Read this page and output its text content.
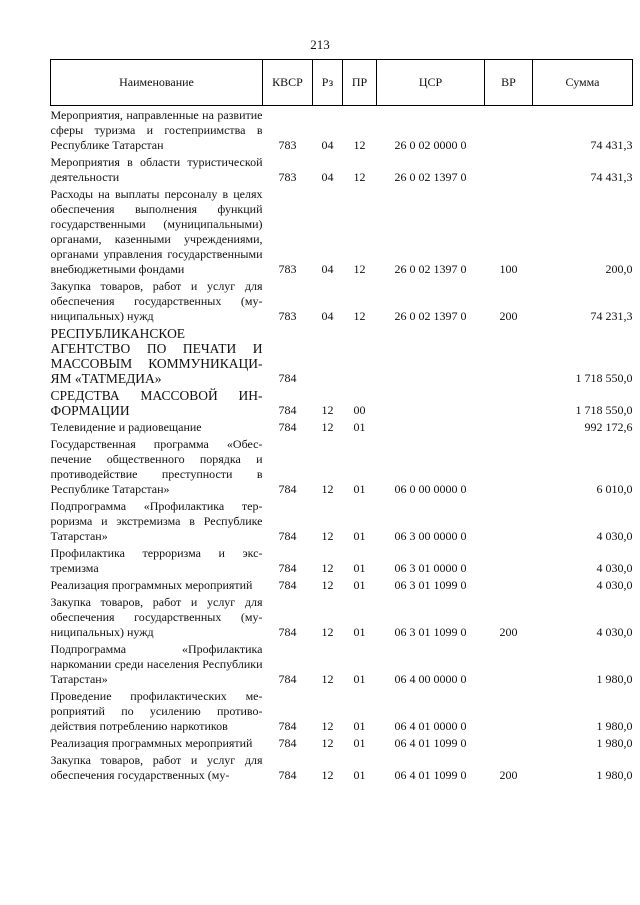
213
Наименование	КВСР	Рз	ПР	ЦСР	ВР	Сумма
Мероприятия, направленные на развитие сферы туризма и гостеприимства в Республике Татарстан	783	04	12	26 0 02 0000 0		74 431,3
Мероприятия в области туристической деятельности	783	04	12	26 0 02 1397 0		74 431,3
Расходы на выплаты персоналу в целях обеспечения выполнения функций государственными (муниципальными) органами, казенными учреждениями, органами управления государственными внебюджетными фондами	783	04	12	26 0 02 1397 0	100	200,0
Закупка товаров, работ и услуг для обеспечения государственных (муниципальных) нужд	783	04	12	26 0 02 1397 0	200	74 231,3
РЕСПУБЛИКАНСКОЕ АГЕНТСТВО ПО ПЕЧАТИ И МАССОВЫМ КОММУНИКАЦИЯМ «ТАТМЕДИА»	784					1 718 550,0
СРЕДСТВА МАССОВОЙ ИНФОРМАЦИИ	784	12	00			1 718 550,0
Телевидение и радиовещание	784	12	01			992 172,6
Государственная программа «Обеспечение общественного порядка и противодействие преступности в Республике Татарстан»	784	12	01	06 0 00 0000 0		6 010,0
Подпрограмма «Профилактика терроризма и экстремизма в Республике Татарстан»	784	12	01	06 3 00 0000 0		4 030,0
Профилактика терроризма и экстремизма	784	12	01	06 3 01 0000 0		4 030,0
Реализация программных мероприятий	784	12	01	06 3 01 1099 0		4 030,0
Закупка товаров, работ и услуг для обеспечения государственных (муниципальных) нужд	784	12	01	06 3 01 1099 0	200	4 030,0
Подпрограмма «Профилактика наркомании среди населения Республики Татарстан»	784	12	01	06 4 00 0000 0		1 980,0
Проведение профилактических мероприятий по усилению противодействия потреблению наркотиков	784	12	01	06 4 01 0000 0		1 980,0
Реализация программных мероприятий	784	12	01	06 4 01 1099 0		1 980,0
Закупка товаров, работ и услуг для обеспечения государственных (му-	784	12	01	06 4 01 1099 0	200	1 980,0
